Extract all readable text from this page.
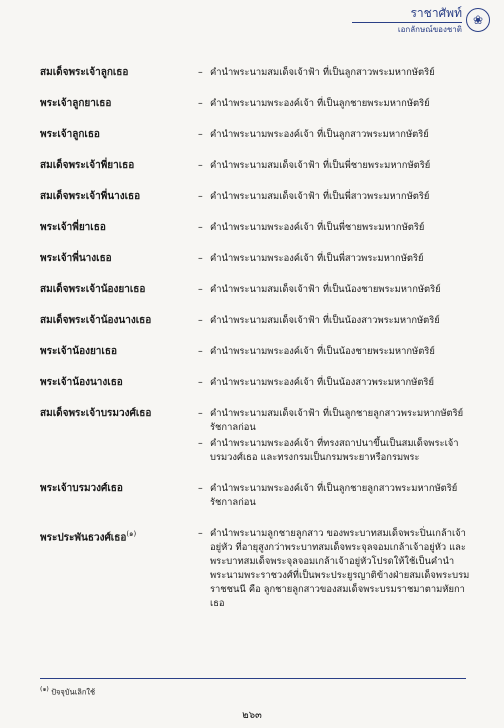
ราชาศัพท์
เอกลักษณ์ของชาติ
❀
สมเด็จพระเจ้าลูกเธอ	– คำนำพระนามสมเด็จเจ้าฟ้า ที่เป็นลูกสาวพระมหากษัตริย์
พระเจ้าลูกยาเธอ	– คำนำพระนามพระองค์เจ้า ที่เป็นลูกชายพระมหากษัตริย์
พระเจ้าลูกเธอ	– คำนำพระนามพระองค์เจ้า ที่เป็นลูกสาวพระมหากษัตริย์
สมเด็จพระเจ้าพี่ยาเธอ	– คำนำพระนามสมเด็จเจ้าฟ้า ที่เป็นพี่ชายพระมหากษัตริย์
สมเด็จพระเจ้าพี่นางเธอ	– คำนำพระนามสมเด็จเจ้าฟ้า ที่เป็นพี่สาวพระมหากษัตริย์
พระเจ้าพี่ยาเธอ	– คำนำพระนามพระองค์เจ้า ที่เป็นพี่ชายพระมหากษัตริย์
พระเจ้าพี่นางเธอ	– คำนำพระนามพระองค์เจ้า ที่เป็นพี่สาวพระมหากษัตริย์
สมเด็จพระเจ้าน้องยาเธอ	– คำนำพระนามสมเด็จเจ้าฟ้า ที่เป็นน้องชายพระมหากษัตริย์
สมเด็จพระเจ้าน้องนางเธอ	– คำนำพระนามสมเด็จเจ้าฟ้า ที่เป็นน้องสาวพระมหากษัตริย์
พระเจ้าน้องยาเธอ	– คำนำพระนามพระองค์เจ้า ที่เป็นน้องชายพระมหากษัตริย์
พระเจ้าน้องนางเธอ	– คำนำพระนามพระองค์เจ้า ที่เป็นน้องสาวพระมหากษัตริย์
สมเด็จพระเจ้าบรมวงศ์เธอ	– คำนำพระนามสมเด็จเจ้าฟ้า ที่เป็นลูกชายลูกสาวพระมหากษัตริย์รัชกาลก่อน
– คำนำพระนามพระองค์เจ้า ที่ทรงสถาปนาขึ้นเป็นสมเด็จพระเจ้าบรมวงศ์เธอ และทรงกรมเป็นกรมพระยาหรือกรมพระ
พระเจ้าบรมวงศ์เธอ	– คำนำพระนามพระองค์เจ้า ที่เป็นลูกชายลูกสาวพระมหากษัตริย์รัชกาลก่อน
พระประพันธวงศ์เธอ$^{(๑)}$	– คำนำพระนามลูกชายลูกสาว ของพระบาทสมเด็จพระปิ่นเกล้าเจ้าอยู่หัว ที่อายุสูงกว่าพระบาทสมเด็จพระจุลจอมเกล้าเจ้าอยู่หัว และพระบาทสมเด็จพระจุลจอมเกล้าเจ้าอยู่หัวโปรดให้ใช้เป็นคำนำพระนามพระราชวงศ์ที่เป็นพระประยูรญาติข้างฝ่ายสมเด็จพระบรมราชชนนี คือ ลูกชายลูกสาวของสมเด็จพระบรมราชมาตามหัยกาเธอ
$^{(๑)}$ ปัจจุบันเลิกใช้
๒๖๓
